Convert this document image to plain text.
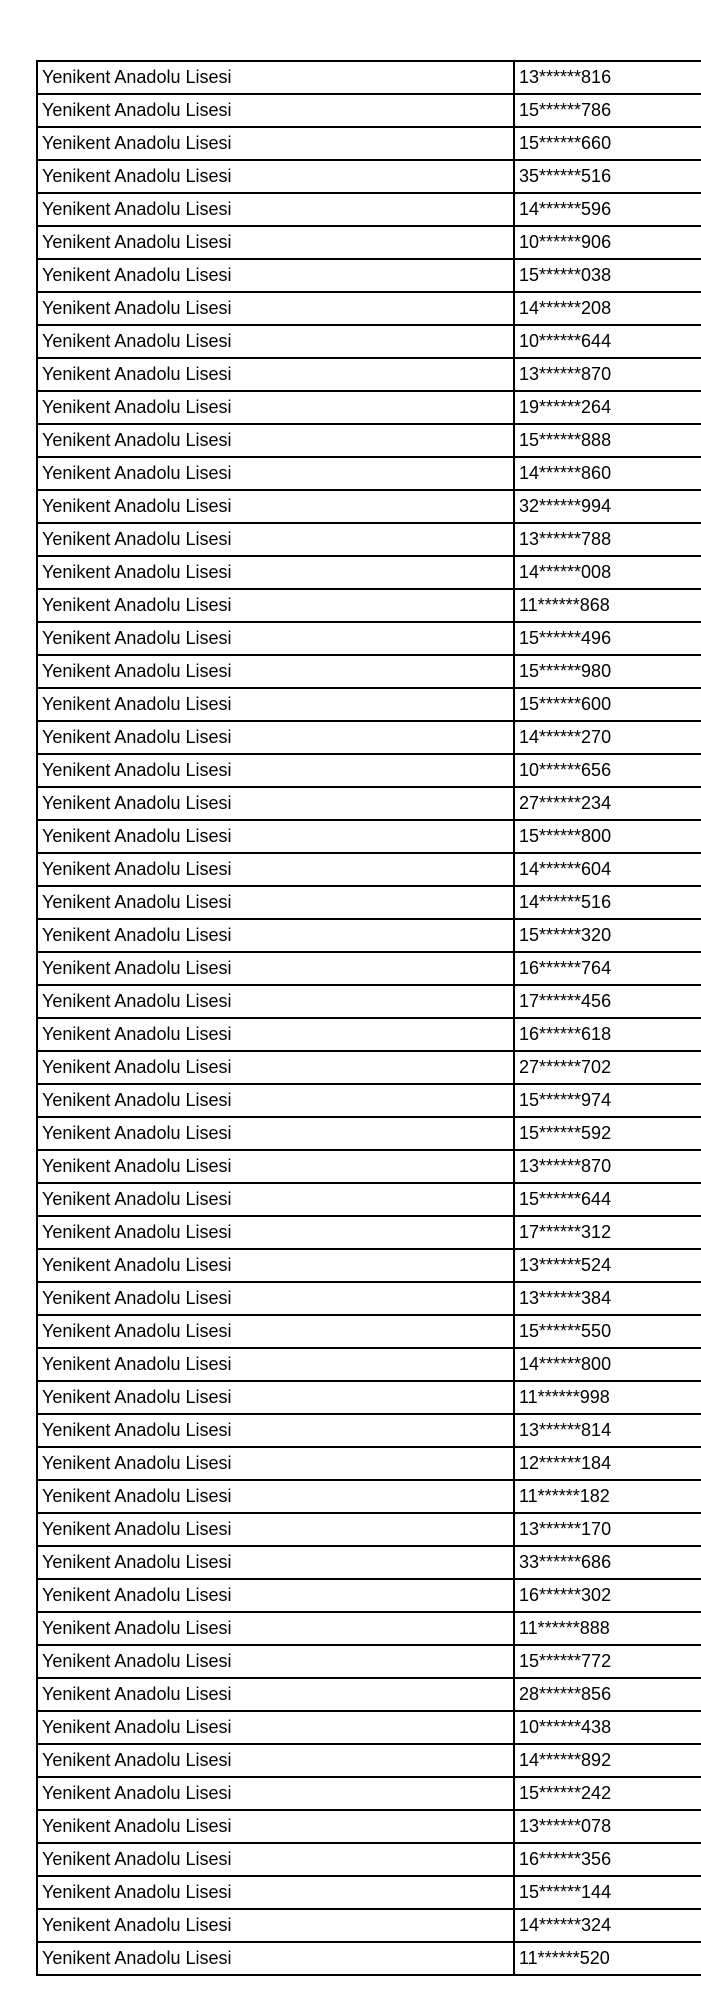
Yenikent Anadolu Lisesi	13******816
Yenikent Anadolu Lisesi	15******786
Yenikent Anadolu Lisesi	15******660
Yenikent Anadolu Lisesi	35******516
Yenikent Anadolu Lisesi	14******596
Yenikent Anadolu Lisesi	10******906
Yenikent Anadolu Lisesi	15******038
Yenikent Anadolu Lisesi	14******208
Yenikent Anadolu Lisesi	10******644
Yenikent Anadolu Lisesi	13******870
Yenikent Anadolu Lisesi	19******264
Yenikent Anadolu Lisesi	15******888
Yenikent Anadolu Lisesi	14******860
Yenikent Anadolu Lisesi	32******994
Yenikent Anadolu Lisesi	13******788
Yenikent Anadolu Lisesi	14******008
Yenikent Anadolu Lisesi	11******868
Yenikent Anadolu Lisesi	15******496
Yenikent Anadolu Lisesi	15******980
Yenikent Anadolu Lisesi	15******600
Yenikent Anadolu Lisesi	14******270
Yenikent Anadolu Lisesi	10******656
Yenikent Anadolu Lisesi	27******234
Yenikent Anadolu Lisesi	15******800
Yenikent Anadolu Lisesi	14******604
Yenikent Anadolu Lisesi	14******516
Yenikent Anadolu Lisesi	15******320
Yenikent Anadolu Lisesi	16******764
Yenikent Anadolu Lisesi	17******456
Yenikent Anadolu Lisesi	16******618
Yenikent Anadolu Lisesi	27******702
Yenikent Anadolu Lisesi	15******974
Yenikent Anadolu Lisesi	15******592
Yenikent Anadolu Lisesi	13******870
Yenikent Anadolu Lisesi	15******644
Yenikent Anadolu Lisesi	17******312
Yenikent Anadolu Lisesi	13******524
Yenikent Anadolu Lisesi	13******384
Yenikent Anadolu Lisesi	15******550
Yenikent Anadolu Lisesi	14******800
Yenikent Anadolu Lisesi	11******998
Yenikent Anadolu Lisesi	13******814
Yenikent Anadolu Lisesi	12******184
Yenikent Anadolu Lisesi	11******182
Yenikent Anadolu Lisesi	13******170
Yenikent Anadolu Lisesi	33******686
Yenikent Anadolu Lisesi	16******302
Yenikent Anadolu Lisesi	11******888
Yenikent Anadolu Lisesi	15******772
Yenikent Anadolu Lisesi	28******856
Yenikent Anadolu Lisesi	10******438
Yenikent Anadolu Lisesi	14******892
Yenikent Anadolu Lisesi	15******242
Yenikent Anadolu Lisesi	13******078
Yenikent Anadolu Lisesi	16******356
Yenikent Anadolu Lisesi	15******144
Yenikent Anadolu Lisesi	14******324
Yenikent Anadolu Lisesi	11******520
